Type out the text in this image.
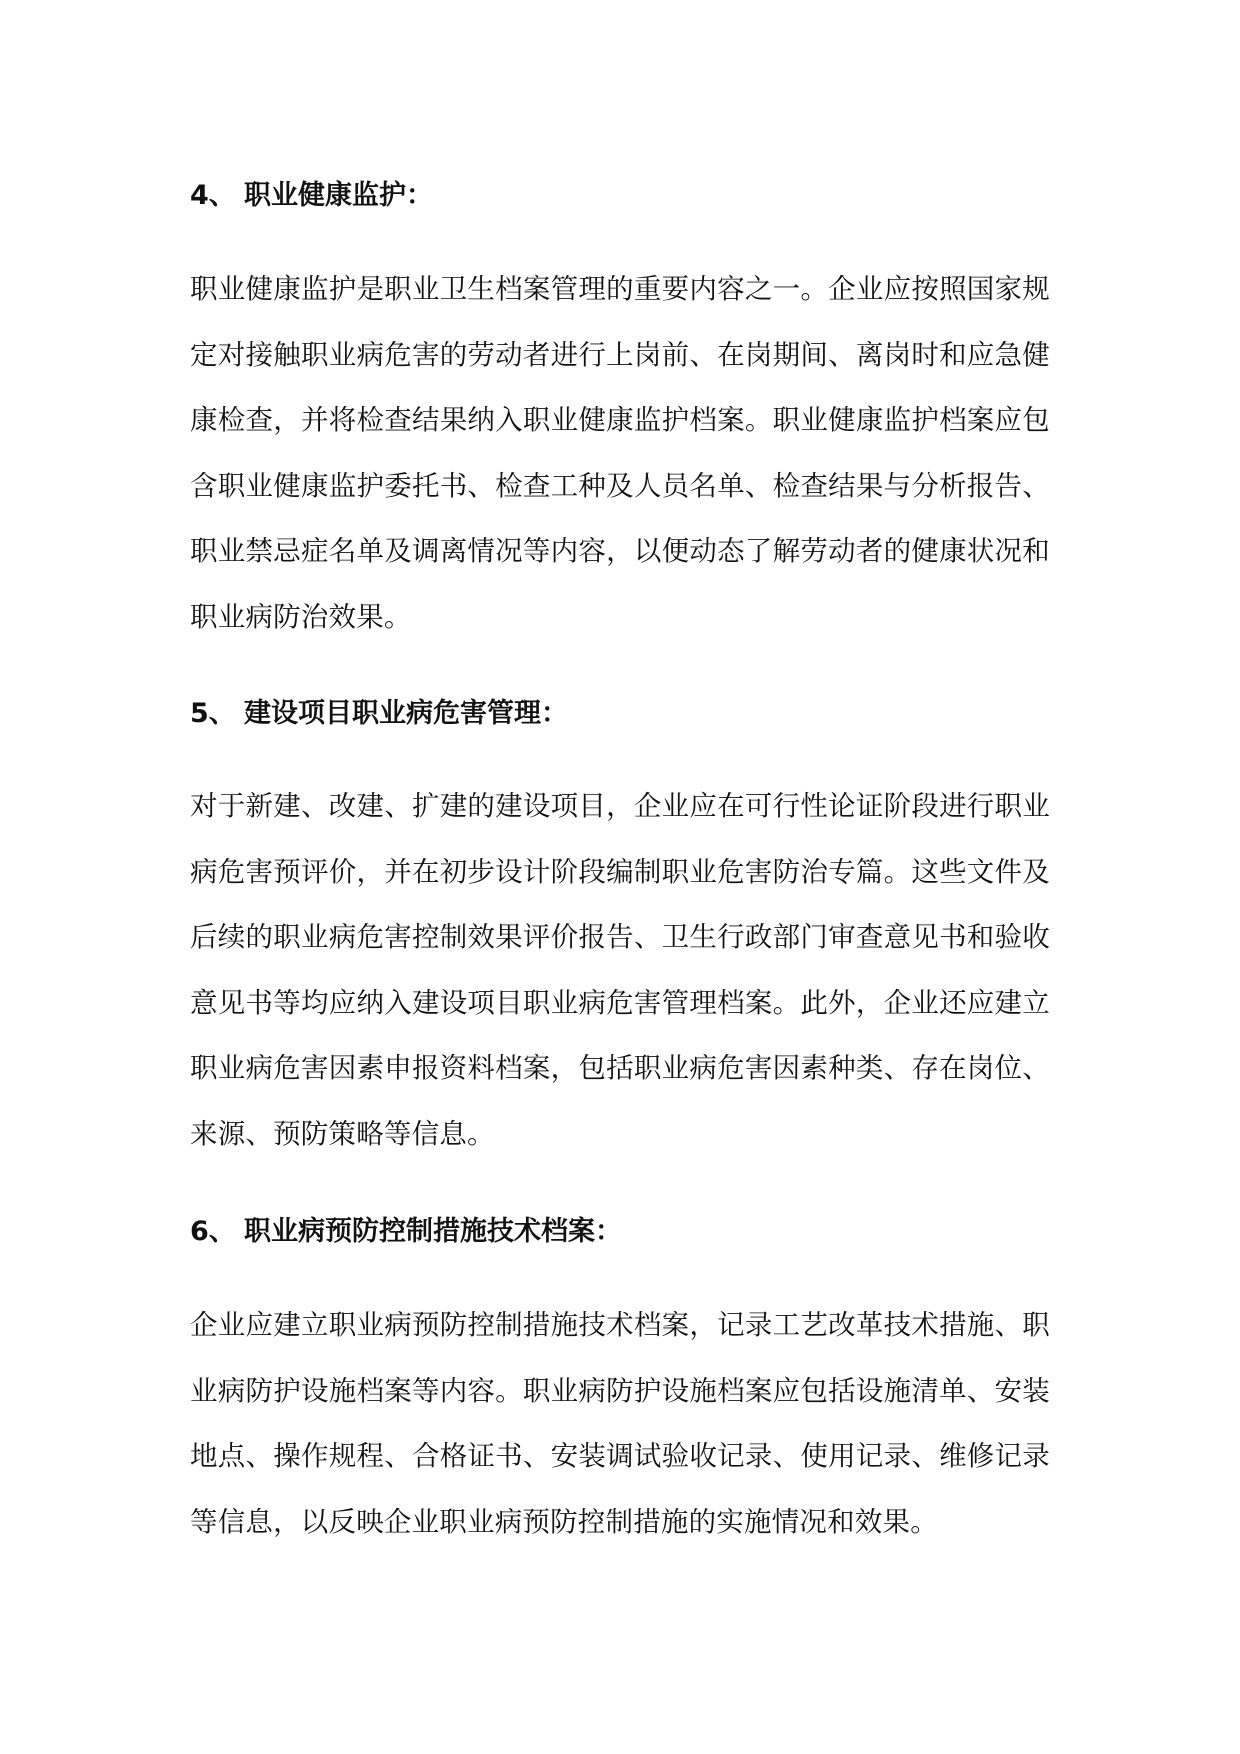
4、 职业健康监护：
职业健康监护是职业卫生档案管理的重要内容之一。企业应按照国家规定对接触职业病危害的劳动者进行上岗前、在岗期间、离岗时和应急健康检查，并将检查结果纳入职业健康监护档案。职业健康监护档案应包含职业健康监护委托书、检查工种及人员名单、检查结果与分析报告、职业禁忌症名单及调离情况等内容，以便动态了解劳动者的健康状况和职业病防治效果。
5、 建设项目职业病危害管理：
对于新建、改建、扩建的建设项目，企业应在可行性论证阶段进行职业病危害预评价，并在初步设计阶段编制职业危害防治专篇。这些文件及后续的职业病危害控制效果评价报告、卫生行政部门审查意见书和验收意见书等均应纳入建设项目职业病危害管理档案。此外，企业还应建立职业病危害因素申报资料档案，包括职业病危害因素种类、存在岗位、来源、预防策略等信息。
6、 职业病预防控制措施技术档案：
企业应建立职业病预防控制措施技术档案，记录工艺改革技术措施、职业病防护设施档案等内容。职业病防护设施档案应包括设施清单、安装地点、操作规程、合格证书、安装调试验收记录、使用记录、维修记录等信息，以反映企业职业病预防控制措施的实施情况和效果。
